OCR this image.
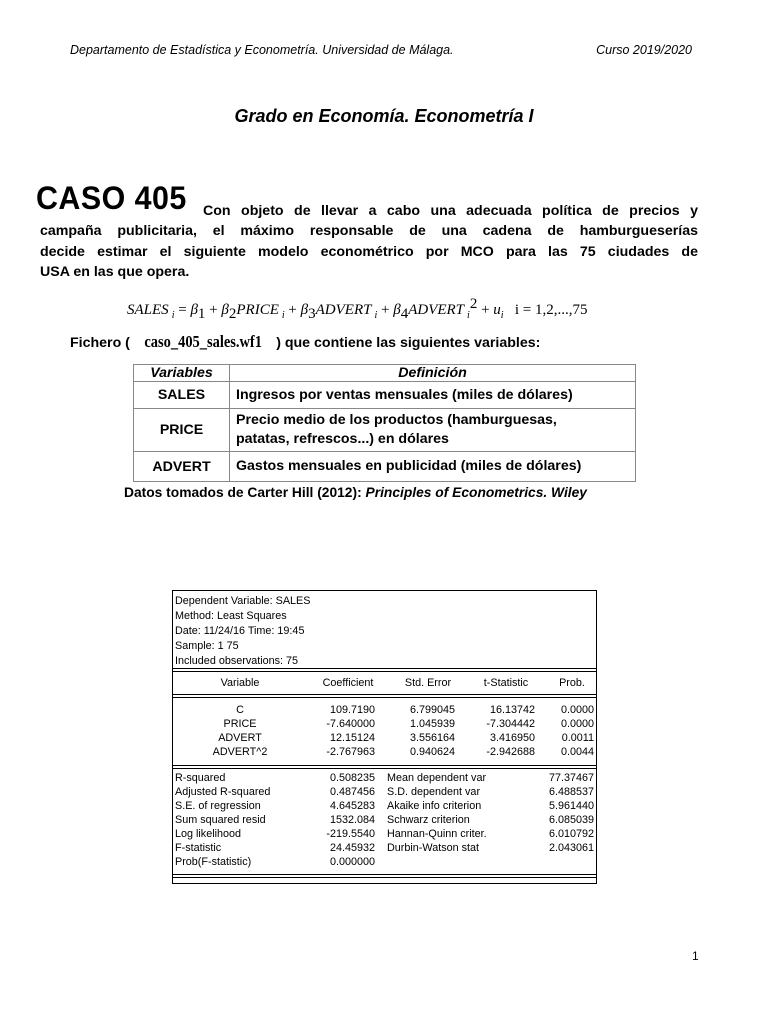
Departamento de Estadística y Econometría. Universidad de Málaga.	Curso 2019/2020
Grado en Economía. Econometría I
CASO 405 Con objeto de llevar a cabo una adecuada política de precios y
campaña publicitaria, el máximo responsable de una cadena de hamburgueserías
decide estimar el siguiente modelo econométrico por MCO para las 75 ciudades de
USA en las que opera.
SALES  $_i = \beta_1$ + $\beta_2PRICE$  $_i + \beta_3ADVERT$  $_i + \beta_4ADVERT$  $_i^2 + u_i$ i = 1,2,...,75
Fichero ( caso_405_sales.wf1 ) que contiene las siguientes variables:
Variables	Definición
SALES	Ingresos por ventas mensuales (miles de dólares)
PRICE	Precio medio de los productos (hamburguesas,
patatas, refrescos...) en dólares
ADVERT	Gastos mensuales en publicidad (miles de dólares)
Datos tomados de Carter Hill (2012): Principles of Econometrics. Wiley
Dependent Variable: SALES
Method: Least Squares
Date: 11/24/16 Time: 19:45
Sample: 1 75
Included observations: 75
Variable	Coefficient	Std. Error	t-Statistic	Prob.
C	109.7190	6.799045	16.13742	0.0000
PRICE	-7.640000	1.045939	-7.304442	0.0000
ADVERT	12.15124	3.556164	3.416950	0.0011
ADVERT^2	-2.767963	0.940624	-2.942688	0.0044
R-squared	0.508235 Mean dependent var	77.37467
Adjusted R-squared	0.487456 S.D. dependent var	6.488537
S.E. of regression	4.645283 Akaike info criterion	5.961440
Sum squared resid	1532.084 Schwarz criterion	6.085039
Log likelihood	-219.5540 Hannan-Quinn criter.	6.010792
F-statistic	24.45932 Durbin-Watson stat	2.043061
Prob(F-statistic)	0.000000
1
